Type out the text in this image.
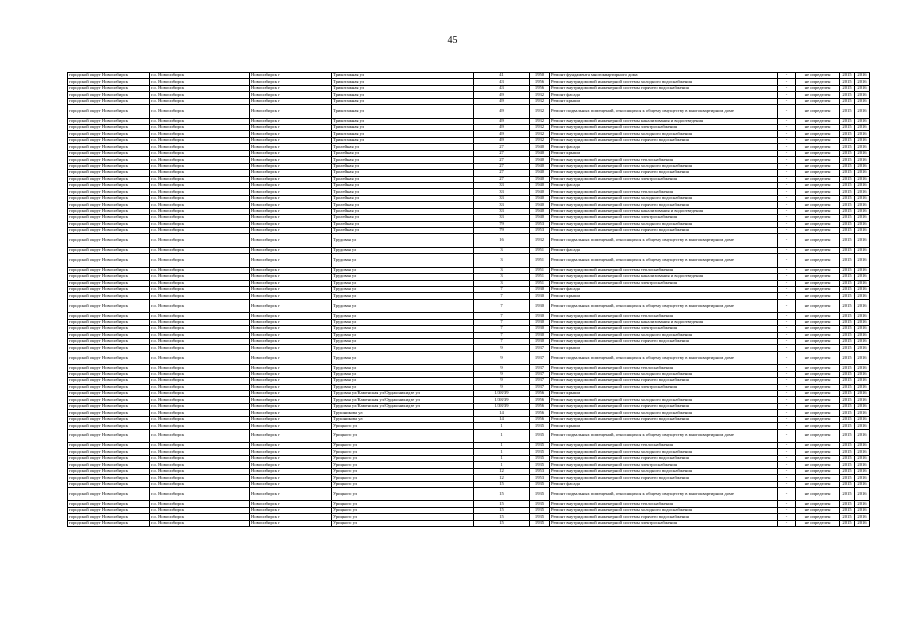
45
городской округ Новосибирск	г.о. Новосибирск	Новосибирск г	Трикотажная ул	41	1950	Ремонт фундамента многоквартирного дома	-	не определен	2015	2016
городской округ Новосибирск	г.о. Новосибирск	Новосибирск г	Трикотажная ул	43	1956	Ремонт внутридомовой инженерной системы холодного водоснабжения	-	не определен	2015	2016
городской округ Новосибирск	г.о. Новосибирск	Новосибирск г	Трикотажная ул	43	1956	Ремонт внутридомовой инженерной системы горячего водоснабжения	-	не определен	2015	2016
городской округ Новосибирск	г.о. Новосибирск	Новосибирск г	Трикотажная ул	49	1932	Ремонт фасада	-	не определен	2015	2016
городской округ Новосибирск	г.о. Новосибирск	Новосибирск г	Трикотажная ул	49	1932	Ремонт крыши	-	не определен	2015	2016
городской округ Новосибирск	г.о. Новосибирск	Новосибирск г	Трикотажная ул	49	1932	Ремонт подвальных помещений, относящихся к общему имуществу в многоквартирном доме	-	не определен	2015	2016
городской округ Новосибирск	г.о. Новосибирск	Новосибирск г	Трикотажная ул	49	1932	Ремонт внутридомовой инженерной системы канализования и водоотведения	-	не определен	2015	2016
городской округ Новосибирск	г.о. Новосибирск	Новосибирск г	Трикотажная ул	49	1932	Ремонт внутридомовой инженерной системы электроснабжения	-	не определен	2015	2016
городской округ Новосибирск	г.о. Новосибирск	Новосибирск г	Трикотажная ул	49	1932	Ремонт внутридомовой инженерной системы холодного водоснабжения	-	не определен	2015	2016
городской округ Новосибирск	г.о. Новосибирск	Новосибирск г	Трикотажная ул	49	1932	Ремонт внутридомовой инженерной системы горячего водоснабжения	-	не определен	2015	2016
городской округ Новосибирск	г.о. Новосибирск	Новосибирск г	Тролейная ул	27	1940	Ремонт фасада	-	не определен	2015	2016
городской округ Новосибирск	г.о. Новосибирск	Новосибирск г	Тролейная ул	27	1940	Ремонт крыши	-	не определен	2015	2016
городской округ Новосибирск	г.о. Новосибирск	Новосибирск г	Тролейная ул	27	1940	Ремонт внутридомовой инженерной системы теплоснабжения	-	не определен	2015	2016
городской округ Новосибирск	г.о. Новосибирск	Новосибирск г	Тролейная ул	27	1940	Ремонт внутридомовой инженерной системы холодного водоснабжения	-	не определен	2015	2016
городской округ Новосибирск	г.о. Новосибирск	Новосибирск г	Тролейная ул	27	1940	Ремонт внутридомовой инженерной системы горячего водоснабжения	-	не определен	2015	2016
городской округ Новосибирск	г.о. Новосибирск	Новосибирск г	Тролейная ул	27	1940	Ремонт внутридомовой инженерной системы электроснабжения	-	не определен	2015	2016
городской округ Новосибирск	г.о. Новосибирск	Новосибирск г	Тролейная ул	33	1940	Ремонт фасада	-	не определен	2015	2016
городской округ Новосибирск	г.о. Новосибирск	Новосибирск г	Тролейная ул	33	1940	Ремонт внутридомовой инженерной системы теплоснабжения	-	не определен	2015	2016
городской округ Новосибирск	г.о. Новосибирск	Новосибирск г	Тролейная ул	33	1940	Ремонт внутридомовой инженерной системы холодного водоснабжения	-	не определен	2015	2016
городской округ Новосибирск	г.о. Новосибирск	Новосибирск г	Тролейная ул	33	1940	Ремонт внутридомовой инженерной системы горячего водоснабжения	-	не определен	2015	2016
городской округ Новосибирск	г.о. Новосибирск	Новосибирск г	Тролейная ул	33	1940	Ремонт внутридомовой инженерной системы канализования и водоотведения	-	не определен	2015	2016
городской округ Новосибирск	г.о. Новосибирск	Новосибирск г	Тролейная ул	33	1940	Ремонт внутридомовой инженерной системы электроснабжения	-	не определен	2015	2016
городской округ Новосибирск	г.о. Новосибирск	Новосибирск г	Тролейная ул	79	1953	Ремонт внутридомовой инженерной системы холодного водоснабжения	-	не определен	2015	2016
городской округ Новосибирск	г.о. Новосибирск	Новосибирск г	Тролейная ул	79	1953	Ремонт внутридомовой инженерной системы горячего водоснабжения	-	не определен	2015	2016
городской округ Новосибирск	г.о. Новосибирск	Новосибирск г	Трудовая ул	16	1932	Ремонт подвальных помещений, относящихся к общему имуществу в многоквартирном доме	-	не определен	2015	2016
городской округ Новосибирск	г.о. Новосибирск	Новосибирск г	Трудовая ул	3	1951	Ремонт фасада	-	не определен	2015	2016
городской округ Новосибирск	г.о. Новосибирск	Новосибирск г	Трудовая ул	3	1951	Ремонт подвальных помещений, относящихся к общему имуществу в многоквартирном доме	-	не определен	2015	2016
городской округ Новосибирск	г.о. Новосибирск	Новосибирск г	Трудовая ул	3	1951	Ремонт внутридомовой инженерной системы теплоснабжения	-	не определен	2015	2016
городской округ Новосибирск	г.о. Новосибирск	Новосибирск г	Трудовая ул	3	1951	Ремонт внутридомовой инженерной системы канализования и водоотведения	-	не определен	2015	2016
городской округ Новосибирск	г.о. Новосибирск	Новосибирск г	Трудовая ул	3	1951	Ремонт внутридомовой инженерной системы электроснабжения	-	не определен	2015	2016
городской округ Новосибирск	г.о. Новосибирск	Новосибирск г	Трудовая ул	7	1930	Ремонт фасада	-	не определен	2015	2016
городской округ Новосибирск	г.о. Новосибирск	Новосибирск г	Трудовая ул	7	1930	Ремонт крыши	-	не определен	2015	2016
городской округ Новосибирск	г.о. Новосибирск	Новосибирск г	Трудовая ул	7	1930	Ремонт подвальных помещений, относящихся к общему имуществу в многоквартирном доме	-	не определен	2015	2016
городской округ Новосибирск	г.о. Новосибирск	Новосибирск г	Трудовая ул	7	1930	Ремонт внутридомовой инженерной системы теплоснабжения	-	не определен	2015	2016
городской округ Новосибирск	г.о. Новосибирск	Новосибирск г	Трудовая ул	7	1930	Ремонт внутридомовой инженерной системы канализования и водоотведения	-	не определен	2015	2016
городской округ Новосибирск	г.о. Новосибирск	Новосибирск г	Трудовая ул	7	1930	Ремонт внутридомовой инженерной системы электроснабжения	-	не определен	2015	2016
городской округ Новосибирск	г.о. Новосибирск	Новосибирск г	Трудовая ул	7	1930	Ремонт внутридомовой инженерной системы холодного водоснабжения	-	не определен	2015	2016
городской округ Новосибирск	г.о. Новосибирск	Новосибирск г	Трудовая ул	7	1930	Ремонт внутридомовой инженерной системы горячего водоснабжения	-	не определен	2015	2016
городской округ Новосибирск	г.о. Новосибирск	Новосибирск г	Трудовая ул	9	1937	Ремонт крыши	-	не определен	2015	2016
городской округ Новосибирск	г.о. Новосибирск	Новосибирск г	Трудовая ул	9	1937	Ремонт подвальных помещений, относящихся к общему имуществу в многоквартирном доме	-	не определен	2015	2016
городской округ Новосибирск	г.о. Новосибирск	Новосибирск г	Трудовая ул	9	1937	Ремонт внутридомовой инженерной системы теплоснабжения	-	не определен	2015	2016
городской округ Новосибирск	г.о. Новосибирск	Новосибирск г	Трудовая ул	9	1937	Ремонт внутридомовой инженерной системы холодного водоснабжения	-	не определен	2015	2016
городской округ Новосибирск	г.о. Новосибирск	Новосибирск г	Трудовая ул	9	1937	Ремонт внутридомовой инженерной системы горячего водоснабжения	-	не определен	2015	2016
городской округ Новосибирск	г.о. Новосибирск	Новосибирск г	Трудовая ул	9	1937	Ремонт внутридомовой инженерной системы электроснабжения	-	не определен	2015	2016
городской округ Новосибирск	г.о. Новосибирск	Новосибирск г	Трудовая ул/Каменская ул/Орджоникидзе ул	1/38/39	1956	Ремонт крыши	-	не определен	2015	2016
городской округ Новосибирск	г.о. Новосибирск	Новосибирск г	Трудовая ул/Каменская ул/Орджоникидзе ул	1/38/39	1956	Ремонт внутридомовой инженерной системы холодного водоснабжения	-	не определен	2015	2016
городской округ Новосибирск	г.о. Новосибирск	Новосибирск г	Трудовая ул/Каменская ул/Орджоникидзе ул	1/38/39	1956	Ремонт внутридомовой инженерной системы горячего водоснабжения	-	не определен	2015	2016
городской округ Новосибирск	г.о. Новосибирск	Новосибирск г	Трушникова ул	14	1956	Ремонт внутридомовой инженерной системы холодного водоснабжения	-	не определен	2015	2016
городской округ Новосибирск	г.о. Новосибирск	Новосибирск г	Трушникова ул	14	1956	Ремонт внутридомовой инженерной системы горячего водоснабжения	-	не определен	2015	2016
городской округ Новосибирск	г.о. Новосибирск	Новосибирск г	Урицкого ул	1	1935	Ремонт крыши	-	не определен	2015	2016
городской округ Новосибирск	г.о. Новосибирск	Новосибирск г	Урицкого ул	1	1935	Ремонт подвальных помещений, относящихся к общему имуществу в многоквартирном доме	-	не определен	2015	2016
городской округ Новосибирск	г.о. Новосибирск	Новосибирск г	Урицкого ул	1	1935	Ремонт внутридомовой инженерной системы теплоснабжения	-	не определен	2015	2016
городской округ Новосибирск	г.о. Новосибирск	Новосибирск г	Урицкого ул	1	1935	Ремонт внутридомовой инженерной системы холодного водоснабжения	-	не определен	2015	2016
городской округ Новосибирск	г.о. Новосибирск	Новосибирск г	Урицкого ул	1	1935	Ремонт внутридомовой инженерной системы горячего водоснабжения	-	не определен	2015	2016
городской округ Новосибирск	г.о. Новосибирск	Новосибирск г	Урицкого ул	1	1935	Ремонт внутридомовой инженерной системы электроснабжения	-	не определен	2015	2016
городской округ Новосибирск	г.о. Новосибирск	Новосибирск г	Урицкого ул	12	1953	Ремонт внутридомовой инженерной системы холодного водоснабжения	-	не определен	2015	2016
городской округ Новосибирск	г.о. Новосибирск	Новосибирск г	Урицкого ул	12	1953	Ремонт внутридомовой инженерной системы горячего водоснабжения	-	не определен	2015	2016
городской округ Новосибирск	г.о. Новосибирск	Новосибирск г	Урицкого ул	15	1935	Ремонт фасада	-	не определен	2015	2016
городской округ Новосибирск	г.о. Новосибирск	Новосибирск г	Урицкого ул	15	1935	Ремонт подвальных помещений, относящихся к общему имуществу в многоквартирном доме	-	не определен	2015	2016
городской округ Новосибирск	г.о. Новосибирск	Новосибирск г	Урицкого ул	15	1935	Ремонт внутридомовой инженерной системы теплоснабжения	-	не определен	2015	2016
городской округ Новосибирск	г.о. Новосибирск	Новосибирск г	Урицкого ул	15	1935	Ремонт внутридомовой инженерной системы холодного водоснабжения	-	не определен	2015	2016
городской округ Новосибирск	г.о. Новосибирск	Новосибирск г	Урицкого ул	15	1935	Ремонт внутридомовой инженерной системы горячего водоснабжения	-	не определен	2015	2016
городской округ Новосибирск	г.о. Новосибирск	Новосибирск г	Урицкого ул	15	1935	Ремонт внутридомовой инженерной системы электроснабжения	-	не определен	2015	2016
